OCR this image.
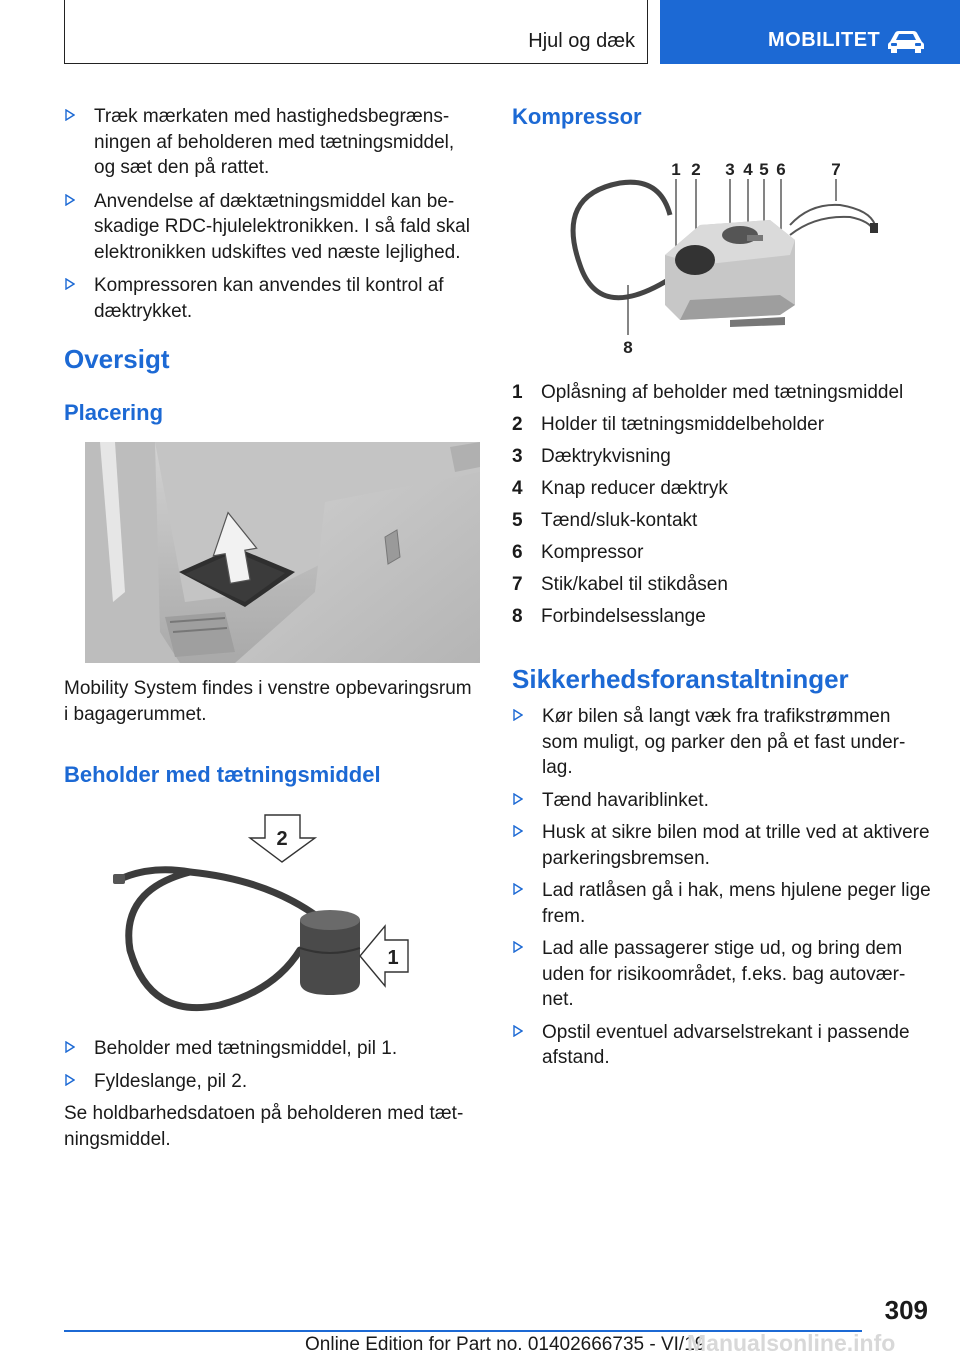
Hjul og dæk	MOBILITET
Træk mærkaten med hastighedsbegræns-
ningen af beholderen med tætningsmiddel,
og sæt den på rattet.
Anvendelse af dæktætningsmiddel kan be-
skadige RDC-hjulelektronikken. I så fald skal
elektronikken udskiftes ved næste lejlighed.
Kompressoren kan anvendes til kontrol af
dæktrykket.
Oversigt
Placering
Mobility System findes i venstre opbevaringsrum
i bagagerummet.
Beholder med tætningsmiddel
2
1
Beholder med tætningsmiddel, pil 1.
Fyldeslange, pil 2.
Se holdbarhedsdatoen på beholderen med tæt-
ningsmiddel.
Kompressor
1 2 3 4 5 6	7
8
1 Oplåsning af beholder med tætningsmiddel
2 Holder til tætningsmiddelbeholder
3 Dæktrykvisning
4 Knap reducer dæktryk
5 Tænd/sluk-kontakt
6 Kompressor
7 Stik/kabel til stikdåsen
8 Forbindelsesslange
Sikkerhedsforanstaltninger
Kør bilen så langt væk fra trafikstrømmen
som muligt, og parker den på et fast under-
lag.
Tænd havariblinket.
Husk at sikre bilen mod at trille ved at aktivere
parkeringsbremsen.
Lad ratlåsen gå i hak, mens hjulene peger lige
frem.
Lad alle passagerer stige ud, og bring dem
uden for risikoområdet, f.eks. bag autovær-
net.
Opstil eventuel advarselstrekant i passende
afstand.
309
Online Edition for Part no. 01402666735 - VI/19
Manualsonline.info
